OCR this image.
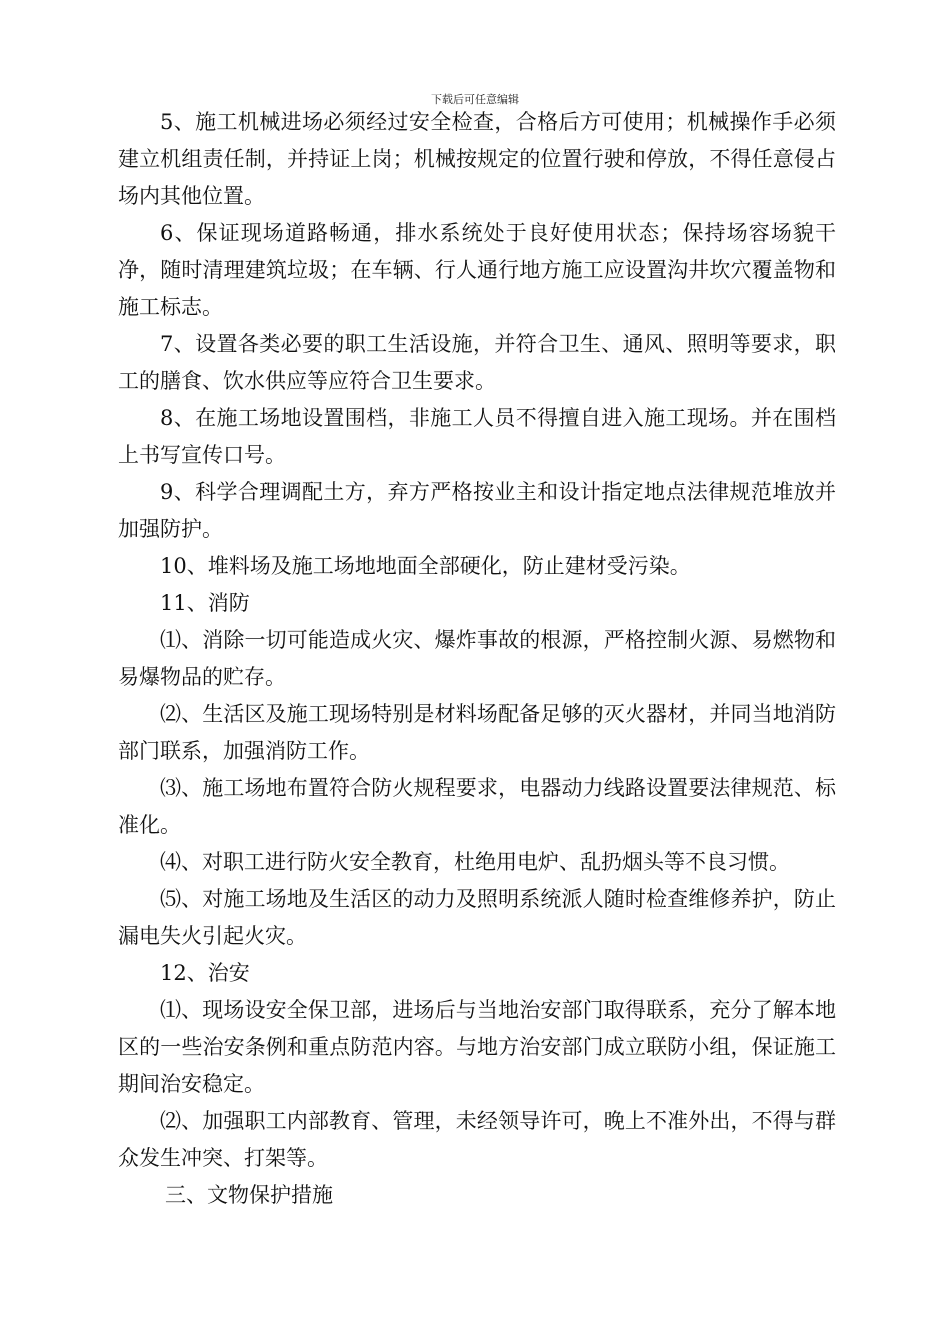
下载后可任意编辑

5、施工机械进场必须经过安全检查，合格后方可使用；机械操作手必须建立机组责任制，并持证上岗；机械按规定的位置行驶和停放，不得任意侵占场内其他位置。

6、保证现场道路畅通，排水系统处于良好使用状态；保持场容场貌干净，随时清理建筑垃圾；在车辆、行人通行地方施工应设置沟井坎穴覆盖物和施工标志。

7、设置各类必要的职工生活设施，并符合卫生、通风、照明等要求，职工的膳食、饮水供应等应符合卫生要求。

8、在施工场地设置围档，非施工人员不得擅自进入施工现场。并在围档上书写宣传口号。

9、科学合理调配土方，弃方严格按业主和设计指定地点法律规范堆放并加强防护。

10、堆料场及施工场地地面全部硬化，防止建材受污染。

11、消防

⑴、消除一切可能造成火灾、爆炸事故的根源，严格控制火源、易燃物和易爆物品的贮存。

⑵、生活区及施工现场特别是材料场配备足够的灭火器材，并同当地消防部门联系，加强消防工作。

⑶、施工场地布置符合防火规程要求，电器动力线路设置要法律规范、标准化。

⑷、对职工进行防火安全教育，杜绝用电炉、乱扔烟头等不良习惯。

⑸、对施工场地及生活区的动力及照明系统派人随时检查维修养护，防止漏电失火引起火灾。

12、治安

⑴、现场设安全保卫部，进场后与当地治安部门取得联系，充分了解本地区的一些治安条例和重点防范内容。与地方治安部门成立联防小组，保证施工期间治安稳定。

⑵、加强职工内部教育、管理，未经领导许可，晚上不准外出，不得与群众发生冲突、打架等。

三、文物保护措施
